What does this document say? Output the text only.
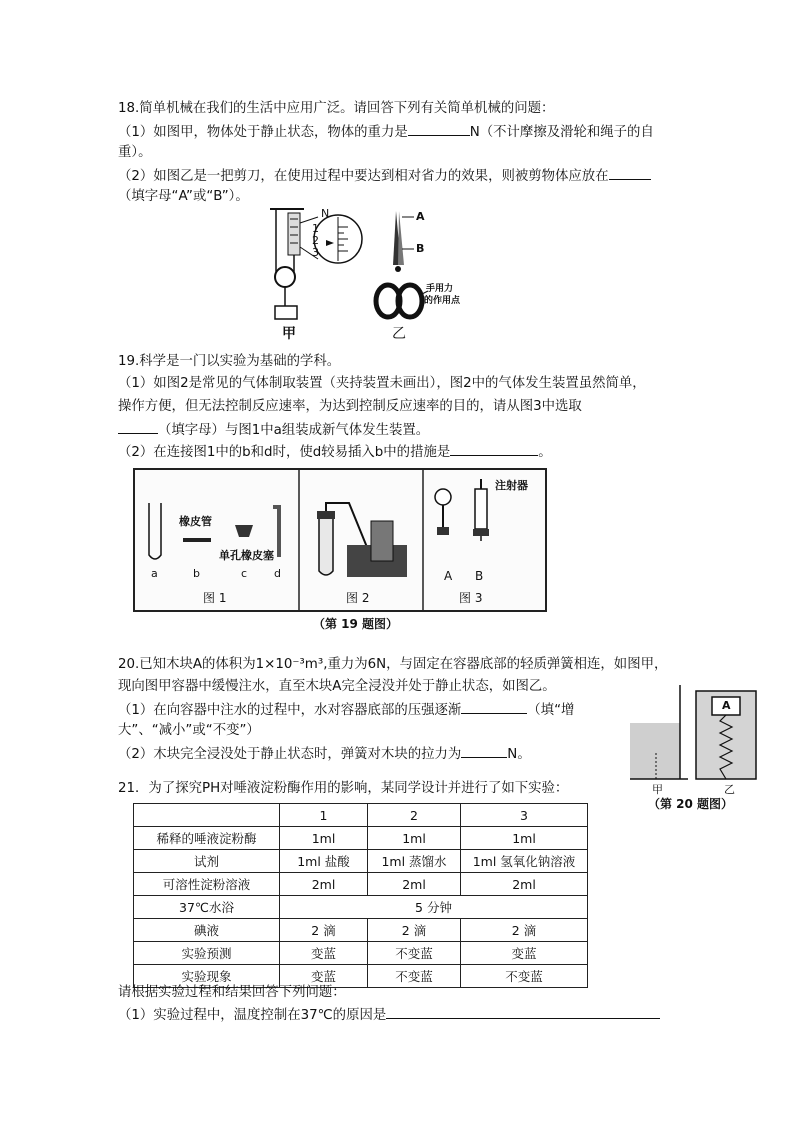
18.简单机械在我们的生活中应用广泛。请回答下列有关简单机械的问题：
（1）如图甲，物体处于静止状态，物体的重力是	N（不计摩擦及滑轮和绳子的自
重）。
（2）如图乙是一把剪刀，在使用过程中要达到相对省力的效果，则被剪物体应放在
（填字母“A”或“B”）。
N
1
2
3
A
B
手用力
的作用点
甲	乙
19.科学是一门以实验为基础的学科。
（1）如图2是常见的气体制取装置（夹持装置未画出），图2中的气体发生装置虽然简单，
操作方便，但无法控制反应速率，为达到控制反应速率的目的，请从图3中选取
（填字母）与图1中a组装成新气体发生装置。
（2）在连接图1中的b和d时，使d较易插入b中的措施是	。
橡皮管
单孔橡皮塞
注射器
a	b	c d	A B
图 1	图 2	图 3
（第 19 题图）
20.已知木块A的体积为1×10⁻³m³,重力为6N，与固定在容器底部的轻质弹簧相连，如图甲，
现向图甲容器中缓慢注水，直至木块A完全浸没并处于静止状态，如图乙。
（1）在向容器中注水的过程中，水对容器底部的压强逐渐	（填“增
大”、“减小”或“不变”）
（2）木块完全浸没处于静止状态时，弹簧对木块的拉力为	N。
A
甲	乙
（第 20 题图）
21．为了探究PH对唾液淀粉酶作用的影响，某同学设计并进行了如下实验：
	1	2	3
稀释的唾液淀粉酶	1ml	1ml	1ml
试剂	1ml 盐酸	1ml 蒸馏水	1ml 氢氧化钠溶液
可溶性淀粉溶液	2ml	2ml	2ml
37℃水浴	5 分钟		
碘液	2 滴	2 滴	2 滴
实验预测	变蓝	不变蓝	变蓝
实验现象	变蓝	不变蓝	不变蓝
请根据实验过程和结果回答下列问题：
（1）实验过程中，温度控制在37℃的原因是
